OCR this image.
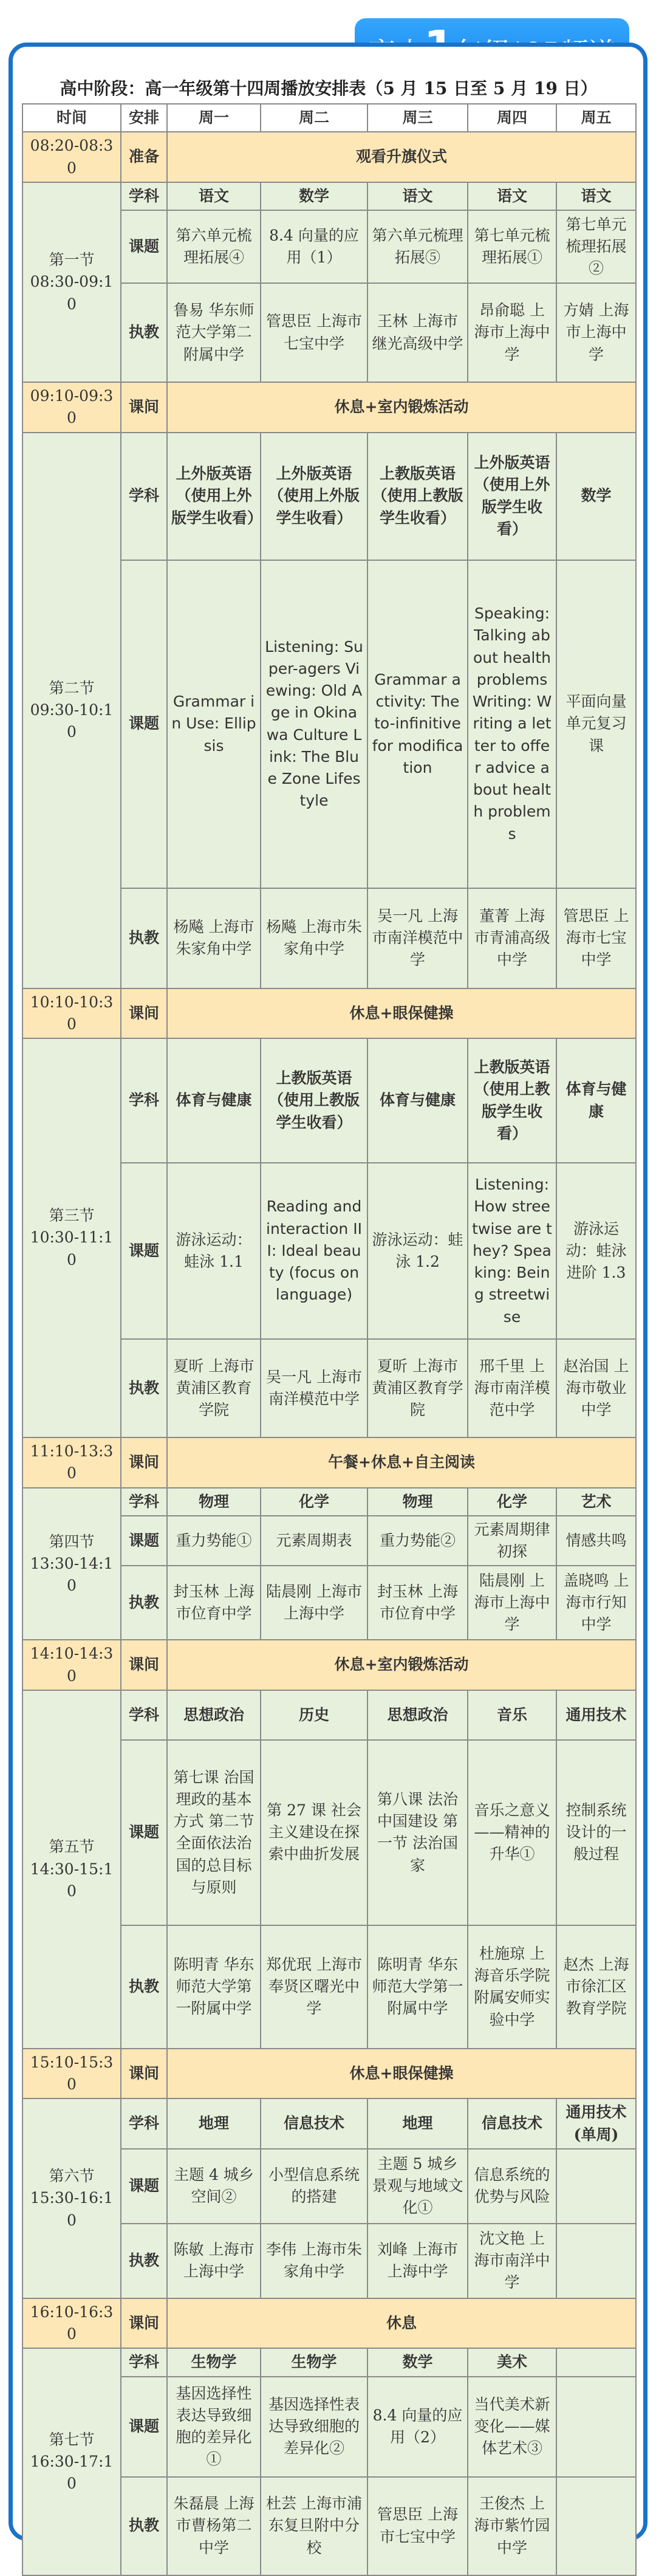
高中阶段：高一年级第十四周播放安排表（5 月 15 日至 5 月 19 日）
时间	安排	周一	周二	周三	周四	周五
08:20-08:30	准备	观看升旗仪式				
第一节
08:30-09:10	学科	语文	数学	语文	语文	语文
	课题	第六单元梳理拓展④	8.4 向量的应用（1）	第六单元梳理拓展⑤	第七单元梳理拓展①	第七单元梳理拓展②
	执教	鲁易 华东师范大学第二附属中学	管思臣 上海市七宝中学	王林 上海市继光高级中学	昂俞聪 上海市上海中学	方婧 上海市上海中学
09:10-09:30	课间	休息+室内锻炼活动				
第二节
09:30-10:10	学科	上外版英语（使用上外版学生收看）	上外版英语（使用上外版学生收看）	上教版英语（使用上教版学生收看）	上外版英语（使用上外版学生收看）	数学
	课题	Grammar in Use: Ellipsis	Listening: Super-agers Viewing: Old Age in Okinawa Culture Link: The Blue Zone Lifestyle	Grammar activity: The to-infinitive for modification	Speaking: Talking about health problems Writing: Writing a letter to offer advice about health problems	平面向量单元复习课
	执教	杨飚 上海市朱家角中学	杨飚 上海市朱家角中学	吴一凡 上海市南洋模范中学	董菁 上海市青浦高级中学	管思臣 上海市七宝中学
10:10-10:30	课间	休息+眼保健操				
第三节
10:30-11:10	学科	体育与健康	上教版英语（使用上教版学生收看）	体育与健康	上教版英语（使用上教版学生收看）	体育与健康
	课题	游泳运动：蛙泳 1.1	Reading and interaction III: Ideal beauty (focus on language)	游泳运动：蛙泳 1.2	Listening: How streetwise are they? Speaking: Being streetwise	游泳运动：蛙泳进阶 1.3
	执教	夏昕 上海市黄浦区教育学院	吴一凡 上海市南洋模范中学	夏昕 上海市黄浦区教育学院	邢千里 上海市南洋模范中学	赵治国 上海市敬业中学
11:10-13:30	课间	午餐+休息+自主阅读				
第四节
13:30-14:10	学科	物理	化学	物理	化学	艺术
	课题	重力势能①	元素周期表	重力势能②	元素周期律初探	情感共鸣
	执教	封玉林 上海市位育中学	陆晨刚 上海市上海中学	封玉林 上海市位育中学	陆晨刚 上海市上海中学	盖晓鸣 上海市行知中学
14:10-14:30	课间	休息+室内锻炼活动				
第五节
14:30-15:10	学科	思想政治	历史	思想政治	音乐	通用技术
	课题	第七课 治国理政的基本方式 第二节 全面依法治国的总目标与原则	第 27 课 社会主义建设在探索中曲折发展	第八课 法治中国建设 第一节 法治国家	音乐之意义——精神的升华①	控制系统设计的一般过程
	执教	陈明青 华东师范大学第一附属中学	郑优珉 上海市奉贤区曙光中学	陈明青 华东师范大学第一附属中学	杜施琼 上海音乐学院附属安师实验中学	赵杰 上海市徐汇区教育学院
15:10-15:30	课间	休息+眼保健操				
第六节
15:30-16:10	学科	地理	信息技术	地理	信息技术	通用技术(单周)
	课题	主题 4 城乡空间②	小型信息系统的搭建	主题 5 城乡景观与地域文化①	信息系统的优势与风险	
	执教	陈敏 上海市上海中学	李伟 上海市朱家角中学	刘峰 上海市上海中学	沈文艳 上海市南洋中学	
16:10-16:30	课间	休息				
第七节
16:30-17:10	学科	生物学	生物学	数学	美术	
	课题	基因选择性表达导致细胞的差异化①	基因选择性表达导致细胞的差异化②	8.4 向量的应用（2）	当代美术新变化——媒体艺术③	
	执教	朱磊晨 上海市曹杨第二中学	杜芸 上海市浦东复旦附中分校	管思臣 上海市七宝中学	王俊杰 上海市紫竹园中学	
